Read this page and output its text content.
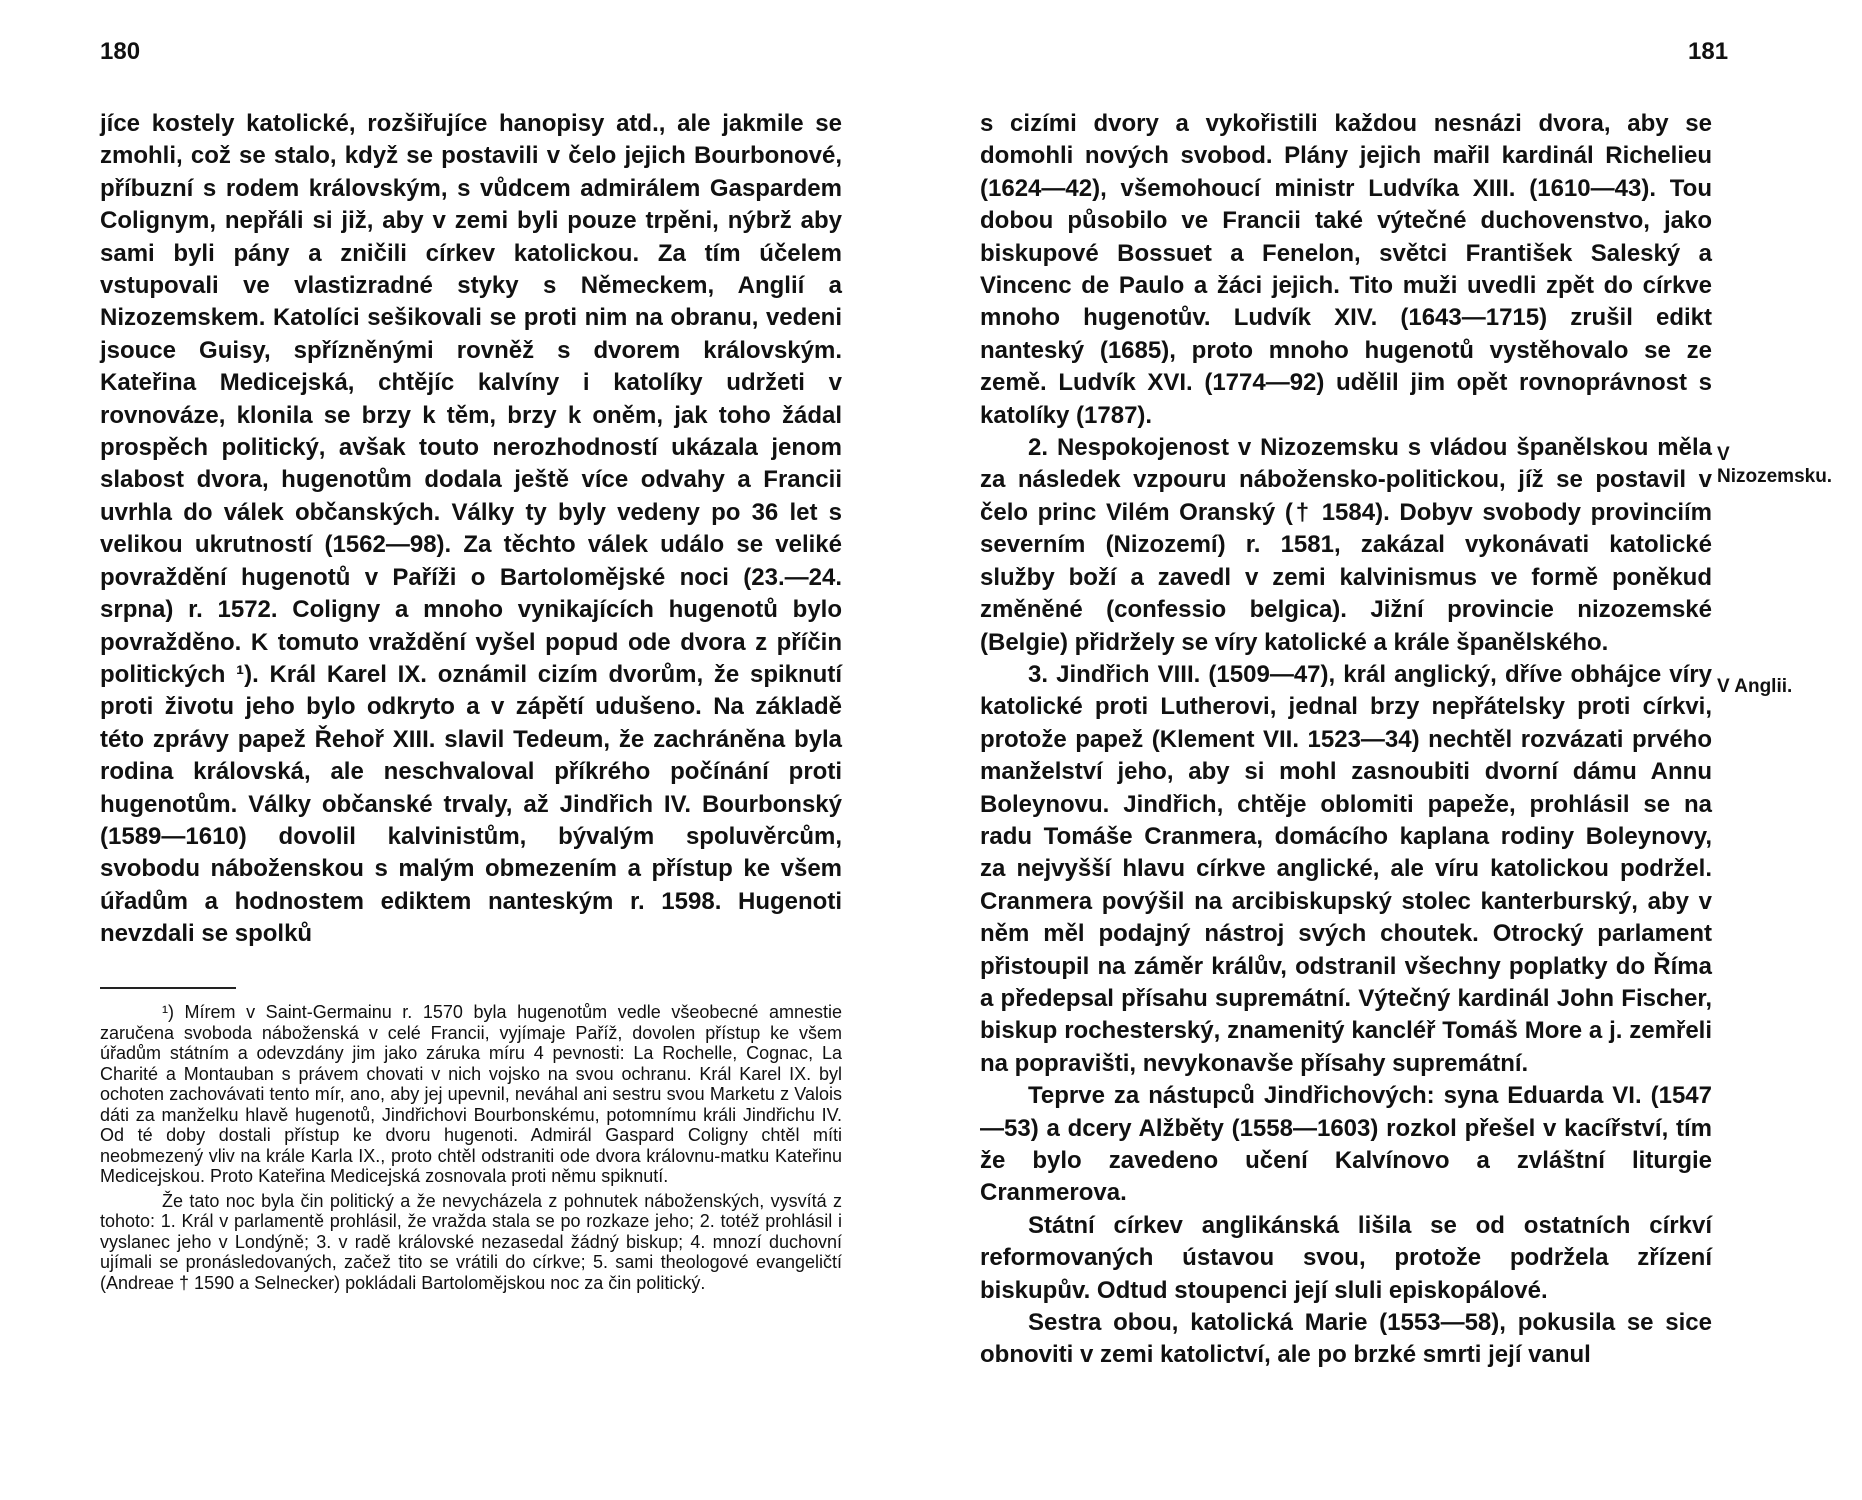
180

jíce kostely katolické, rozšiřujíce hanopisy atd., ale jakmile se zmohli, což se stalo, když se postavili v čelo jejich Bourbonové, příbuzní s rodem královským, s vůdcem admirálem Gaspardem Colignym, nepřáli si již, aby v zemi byli pouze trpěni, nýbrž aby sami byli pány a zničili církev katolickou. Za tím účelem vstupovali ve vlastizradné styky s Německem, Anglií a Nizozemskem. Katolíci sešikovali se proti nim na obranu, vedeni jsouce Guisy, spřízněnými rovněž s dvorem královským. Kateřina Medicejská, chtějíc kalvíny i katolíky udržeti v rovnováze, klonila se brzy k těm, brzy k oněm, jak toho žádal prospěch politický, avšak touto nerozhodností ukázala jenom slabost dvora, hugenotům dodala ještě více odvahy a Francii uvrhla do válek občanských. Války ty byly vedeny po 36 let s velikou ukrutností (1562—98). Za těchto válek událo se veliké povraždění hugenotů v Paříži o Bartolomějské noci (23.—24. srpna) r. 1572. Coligny a mnoho vynikajících hugenotů bylo povražděno. K tomuto vraždění vyšel popud ode dvora z příčin politických ¹). Král Karel IX. oznámil cizím dvorům, že spiknutí proti životu jeho bylo odkryto a v zápětí udušeno. Na základě této zprávy papež Řehoř XIII. slavil Tedeum, že zachráněna byla rodina královská, ale neschvaloval příkrého počínání proti hugenotům. Války občanské trvaly, až Jindřich IV. Bourbonský (1589—1610) dovolil kalvinistům, bývalým spoluvěrcům, svobodu náboženskou s malým obmezením a přístup ke všem úřadům a hodnostem ediktem nanteským r. 1598. Hugenoti nevzdali se spolků

¹) Mírem v Saint-Germainu r. 1570 byla hugenotům vedle všeobecné amnestie zaručena svoboda náboženská v celé Francii, vyjímaje Paříž, dovolen přístup ke všem úřadům státním a odevzdány jim jako záruka míru 4 pevnosti: La Rochelle, Cognac, La Charité a Montauban s právem chovati v nich vojsko na svou ochranu. Král Karel IX. byl ochoten zachovávati tento mír, ano, aby jej upevnil, neváhal ani sestru svou Marketu z Valois dáti za manželku hlavě hugenotů, Jindřichovi Bourbonskému, potomnímu králi Jindřichu IV. Od té doby dostali přístup ke dvoru hugenoti. Admirál Gaspard Coligny chtěl míti neobmezený vliv na krále Karla IX., proto chtěl odstraniti ode dvora královnu-matku Kateřinu Medicejskou. Proto Kateřina Medicejská zosnovala proti němu spiknutí.

Že tato noc byla čin politický a že nevycházela z pohnutek náboženských, vysvítá z tohoto: 1. Král v parlamentě prohlásil, že vražda stala se po rozkaze jeho; 2. totéž prohlásil i vyslanec jeho v Londýně; 3. v radě královské nezasedal žádný biskup; 4. mnozí duchovní ujímali se pronásledovaných, začež tito se vrátili do církve; 5. sami theologové evangeličtí (Andreae † 1590 a Selnecker) pokládali Bartolomějskou noc za čin politický.

181

s cizími dvory a vykořistili každou nesnázi dvora, aby se domohli nových svobod. Plány jejich mařil kardinál Richelieu (1624—42), všemohoucí ministr Ludvíka XIII. (1610—43). Tou dobou působilo ve Francii také výtečné duchovenstvo, jako biskupové Bossuet a Fenelon, světci František Saleský a Vincenc de Paulo a žáci jejich. Tito muži uvedli zpět do církve mnoho hugenotův. Ludvík XIV. (1643—1715) zrušil edikt nanteský (1685), proto mnoho hugenotů vystěhovalo se ze země. Ludvík XVI. (1774—92) udělil jim opět rovnoprávnost s katolíky (1787).

2. Nespokojenost v Nizozemsku s vládou španělskou měla za následek vzpouru nábožensko-politickou, jíž se postavil v čelo princ Vilém Oranský († 1584). Dobyv svobody provinciím severním (Nizozemí) r. 1581, zakázal vykonávati katolické služby boží a zavedl v zemi kalvinismus ve formě poněkud změněné (confessio belgica). Jižní provincie nizozemské (Belgie) přidržely se víry katolické a krále španělského.

3. Jindřich VIII. (1509—47), král anglický, dříve obhájce víry katolické proti Lutherovi, jednal brzy nepřátelsky proti církvi, protože papež (Klement VII. 1523—34) nechtěl rozvázati prvého manželství jeho, aby si mohl zasnoubiti dvorní dámu Annu Boleynovu. Jindřich, chtěje oblomiti papeže, prohlásil se na radu Tomáše Cranmera, domácího kaplana rodiny Boleynovy, za nejvyšší hlavu církve anglické, ale víru katolickou podržel. Cranmera povýšil na arcibiskupský stolec kanterburský, aby v něm měl podajný nástroj svých choutek. Otrocký parlament přistoupil na záměr králův, odstranil všechny poplatky do Říma a předepsal přísahu supremátní. Výtečný kardinál John Fischer, biskup rochesterský, znamenitý kancléř Tomáš More a j. zemřeli na popravišti, nevykonavše přísahy supremátní.

Teprve za nástupců Jindřichových: syna Eduarda VI. (1547—53) a dcery Alžběty (1558—1603) rozkol přešel v kacířství, tím že bylo zavedeno učení Kalvínovo a zvláštní liturgie Cranmerova.

Státní církev anglikánská lišila se od ostatních církví reformovaných ústavou svou, protože podržela zřízení biskupův. Odtud stoupenci její sluli episkopálové.

Sestra obou, katolická Marie (1553—58), pokusila se sice obnoviti v zemi katolictví, ale po brzké smrti její vanul

V Nizozemsku.
V Anglii.
